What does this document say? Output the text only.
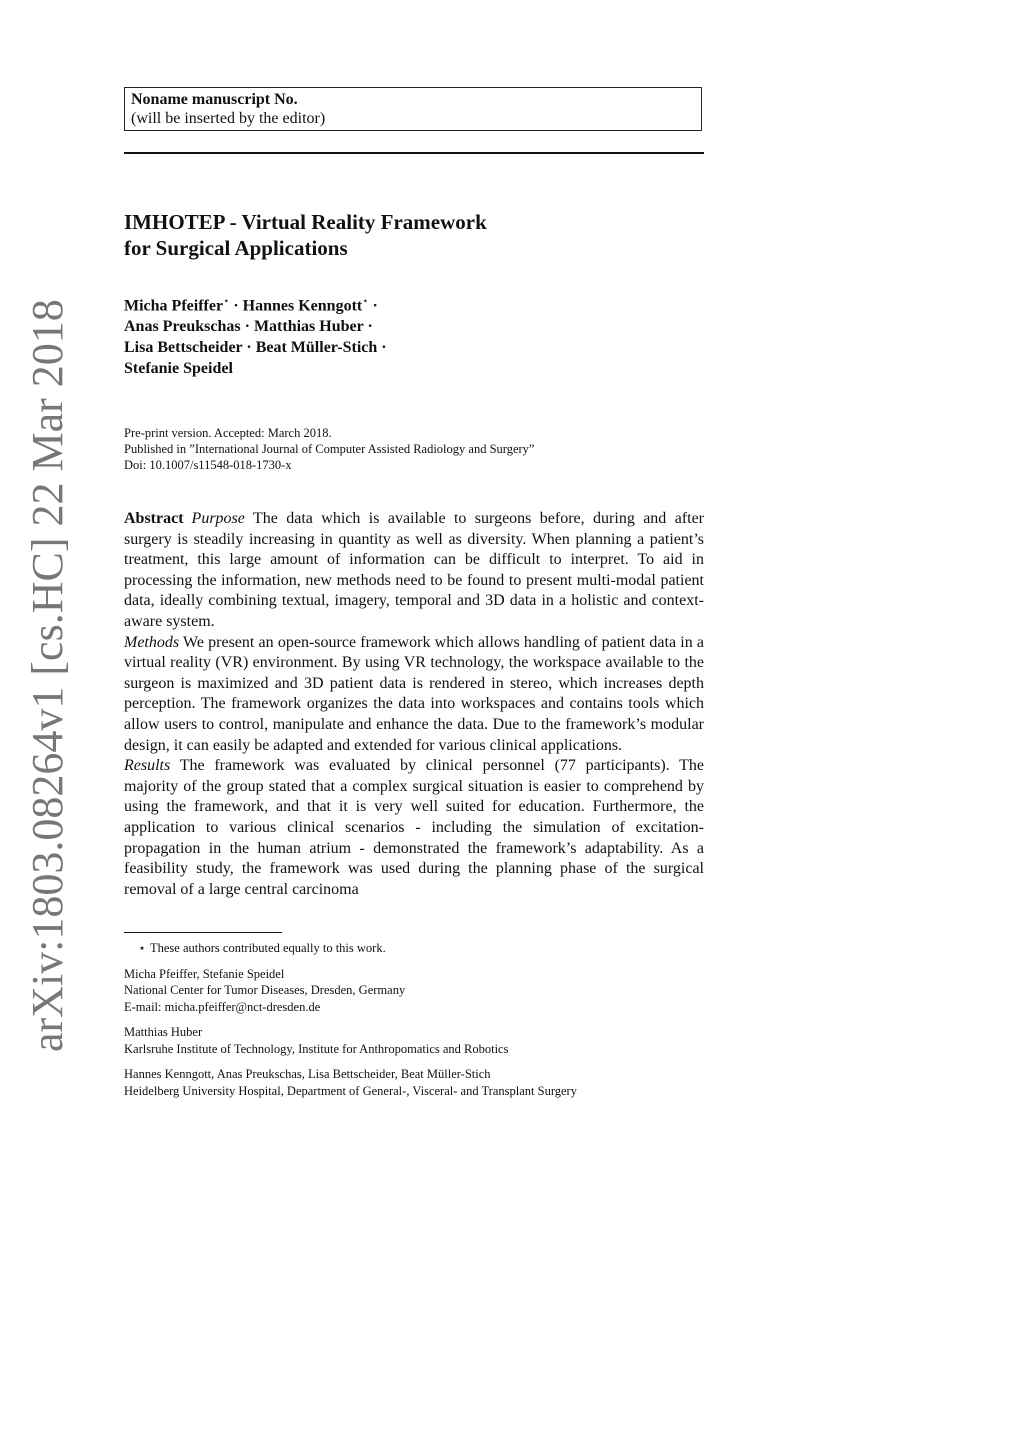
arXiv:1803.08264v1 [cs.HC] 22 Mar 2018
Noname manuscript No.
(will be inserted by the editor)
IMHOTEP - Virtual Reality Framework
for Surgical Applications
Micha Pfeiffer⋆ · Hannes Kenngott⋆ ·
Anas Preukschas · Matthias Huber ·
Lisa Bettscheider · Beat Müller-Stich ·
Stefanie Speidel
Pre-print version. Accepted: March 2018.
Published in ”International Journal of Computer Assisted Radiology and Surgery”
Doi: 10.1007/s11548-018-1730-x

Abstract Purpose The data which is available to surgeons before, during and after surgery is steadily increasing in quantity as well as diversity. When planning a patient’s treatment, this large amount of information can be difficult to interpret. To aid in processing the information, new methods need to be found to present multi-modal patient data, ideally combining textual, imagery, temporal and 3D data in a holistic and context-aware system.

Methods We present an open-source framework which allows handling of patient data in a virtual reality (VR) environment. By using VR technology, the workspace available to the surgeon is maximized and 3D patient data is rendered in stereo, which increases depth perception. The framework organizes the data into workspaces and contains tools which allow users to control, manipulate and enhance the data. Due to the framework’s modular design, it can easily be adapted and extended for various clinical applications.

Results The framework was evaluated by clinical personnel (77 participants). The majority of the group stated that a complex surgical situation is easier to comprehend by using the framework, and that it is very well suited for education. Furthermore, the application to various clinical scenarios - including the simulation of excitation-propagation in the human atrium - demonstrated the framework’s adaptability. As a feasibility study, the framework was used during the planning phase of the surgical removal of a large central carcinoma

⋆ These authors contributed equally to this work.
Micha Pfeiffer, Stefanie Speidel
National Center for Tumor Diseases, Dresden, Germany
E-mail: micha.pfeiffer@nct-dresden.de
Matthias Huber
Karlsruhe Institute of Technology, Institute for Anthropomatics and Robotics
Hannes Kenngott, Anas Preukschas, Lisa Bettscheider, Beat Müller-Stich
Heidelberg University Hospital, Department of General-, Visceral- and Transplant Surgery
